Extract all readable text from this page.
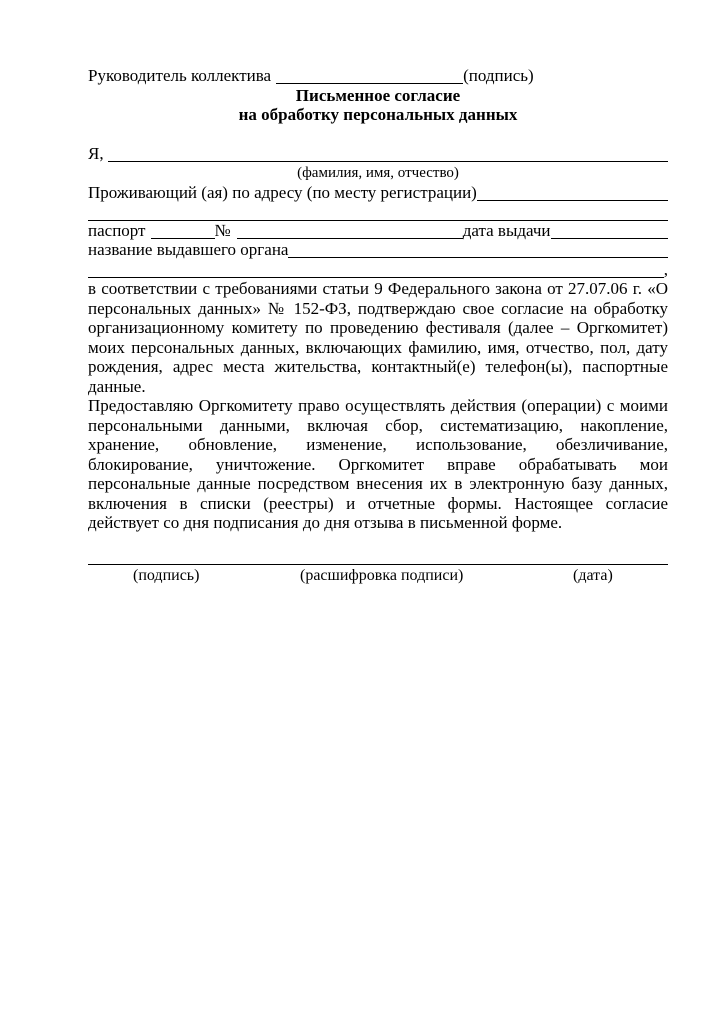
Руководитель коллектива	(подпись)
Письменное согласие
на обработку персональных данных
Я,
(фамилия, имя, отчество)
Проживающий (ая) по адресу (по месту регистрации)
паспорт	№	дата выдачи
название выдавшего органа
,

в соответствии с требованиями статьи 9 Федерального закона от 27.07.06 г. «О персональных данных» № 152-ФЗ, подтверждаю свое согласие на обработку организационному комитету по проведению фестиваля (далее – Оргкомитет) моих персональных данных, включающих фамилию, имя, отчество, пол, дату рождения, адрес места жительства, контактный(е) телефон(ы), паспортные данные.

Предоставляю Оргкомитету право осуществлять действия (операции) с моими персональными данными, включая сбор, систематизацию, накопление, хранение, обновление, изменение, использование, обезличивание, блокирование, уничтожение. Оргкомитет вправе обрабатывать мои персональные данные посредством внесения их в электронную базу данных, включения в списки (реестры) и отчетные формы. Настоящее согласие действует со дня подписания до дня отзыва в письменной форме.

(подпись)	(расшифровка подписи)	(дата)
